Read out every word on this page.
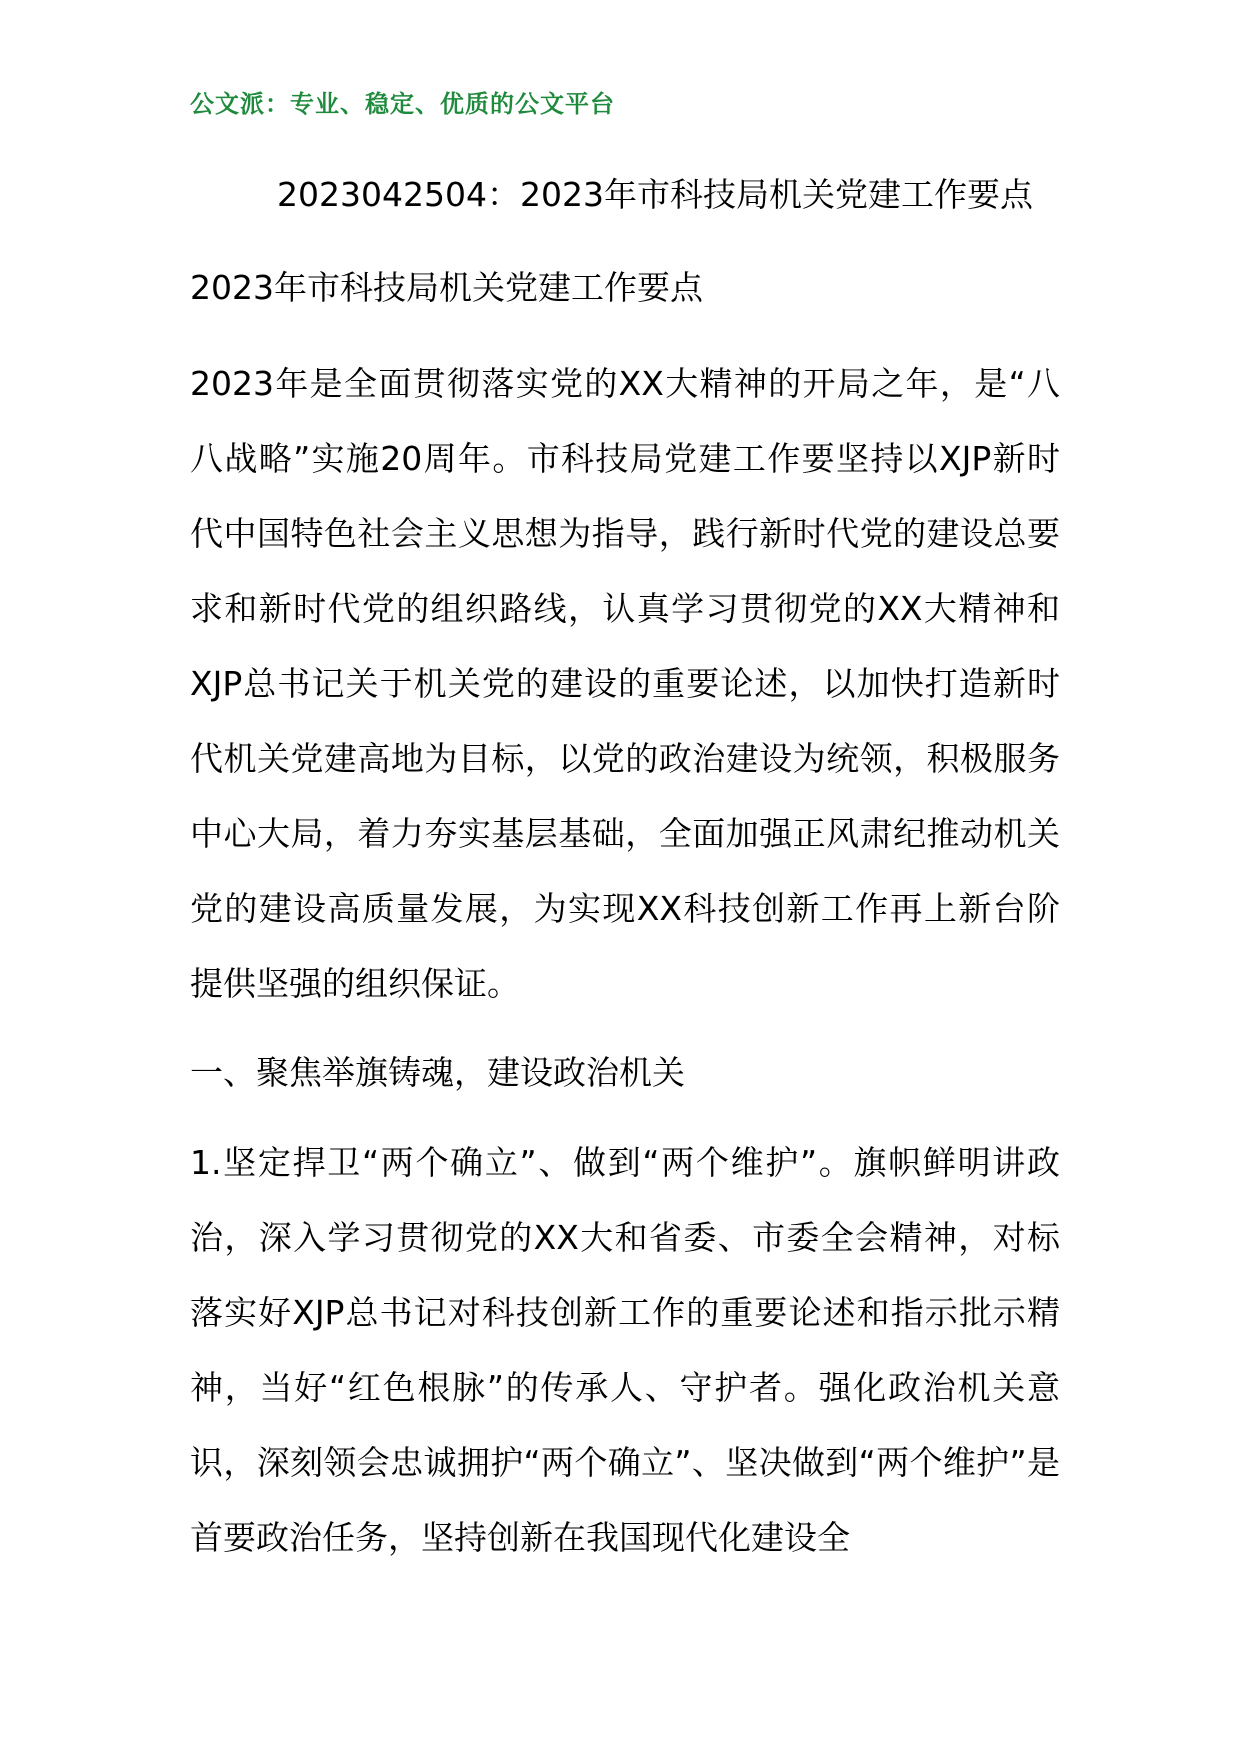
公文派：专业、稳定、优质的公文平台
2023042504：2023年市科技局机关党建工作要点
2023年市科技局机关党建工作要点

2023年是全面贯彻落实党的XX大精神的开局之年，是“八八战略”实施20周年。市科技局党建工作要坚持以XJP新时代中国特色社会主义思想为指导，践行新时代党的建设总要求和新时代党的组织路线，认真学习贯彻党的XX大精神和XJP总书记关于机关党的建设的重要论述，以加快打造新时代机关党建高地为目标，以党的政治建设为统领，积极服务中心大局，着力夯实基层基础，全面加强正风肃纪推动机关党的建设高质量发展，为实现XX科技创新工作再上新台阶提供坚强的组织保证。

一、聚焦举旗铸魂，建设政治机关

1.坚定捍卫“两个确立”、做到“两个维护”。旗帜鲜明讲政治，深入学习贯彻党的XX大和省委、市委全会精神，对标落实好XJP总书记对科技创新工作的重要论述和指示批示精神，当好“红色根脉”的传承人、守护者。强化政治机关意识，深刻领会忠诚拥护“两个确立”、坚决做到“两个维护”是首要政治任务，坚持创新在我国现代化建设全
